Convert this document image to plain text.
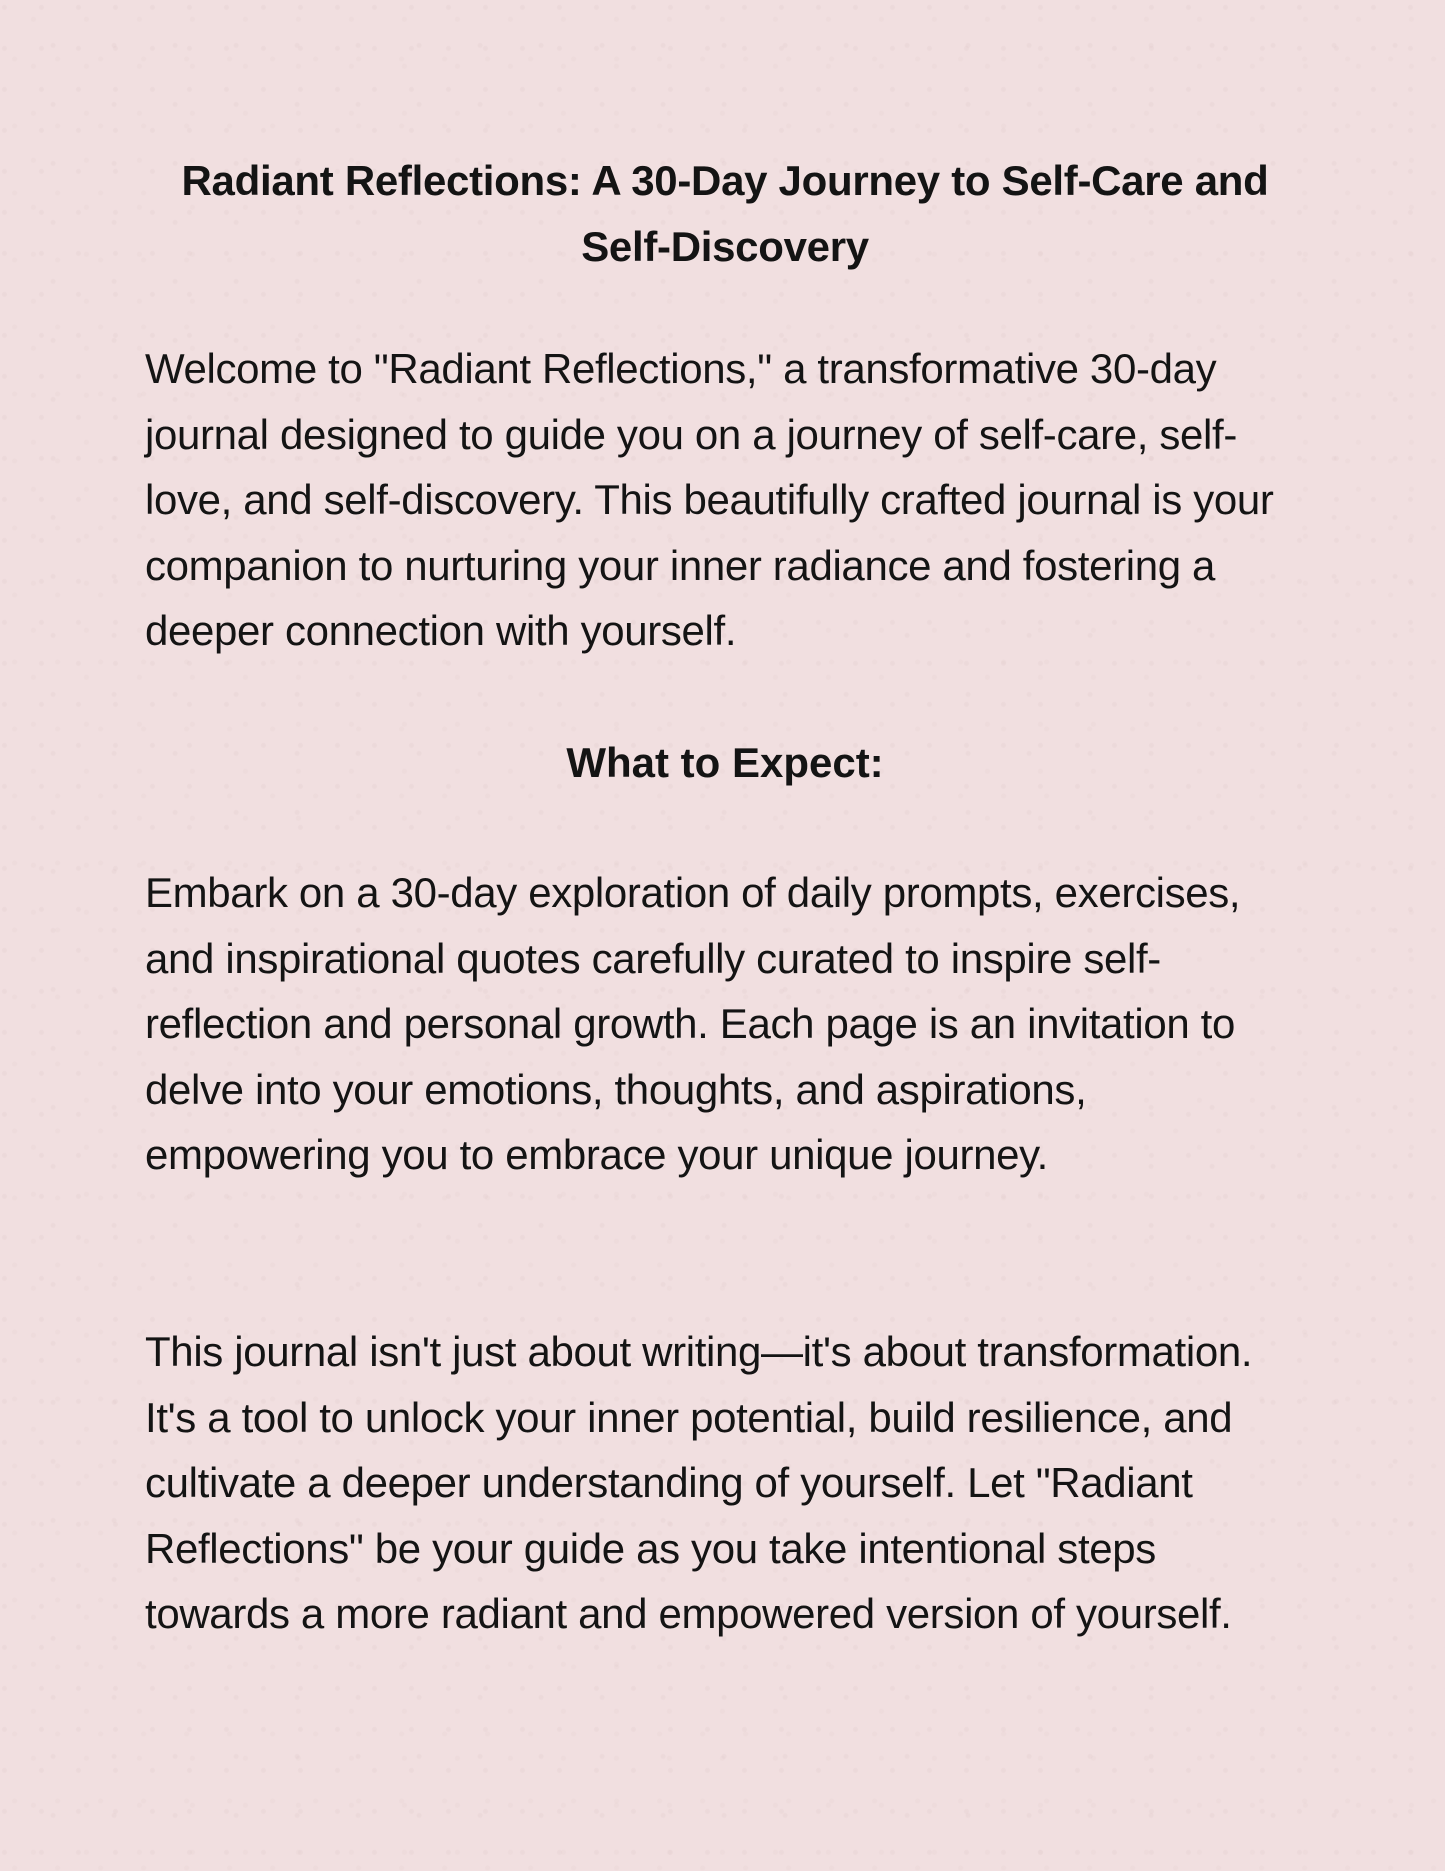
Radiant Reflections: A 30-Day Journey to Self-Care and Self-Discovery

Welcome to "Radiant Reflections," a transformative 30-day journal designed to guide you on a journey of self-care, self-love, and self-discovery. This beautifully crafted journal is your companion to nurturing your inner radiance and fostering a deeper connection with yourself.

What to Expect:

Embark on a 30-day exploration of daily prompts, exercises, and inspirational quotes carefully curated to inspire self-reflection and personal growth. Each page is an invitation to delve into your emotions, thoughts, and aspirations, empowering you to embrace your unique journey.

This journal isn't just about writing—it's about transformation. It's a tool to unlock your inner potential, build resilience, and cultivate a deeper understanding of yourself. Let "Radiant Reflections" be your guide as you take intentional steps towards a more radiant and empowered version of yourself.
